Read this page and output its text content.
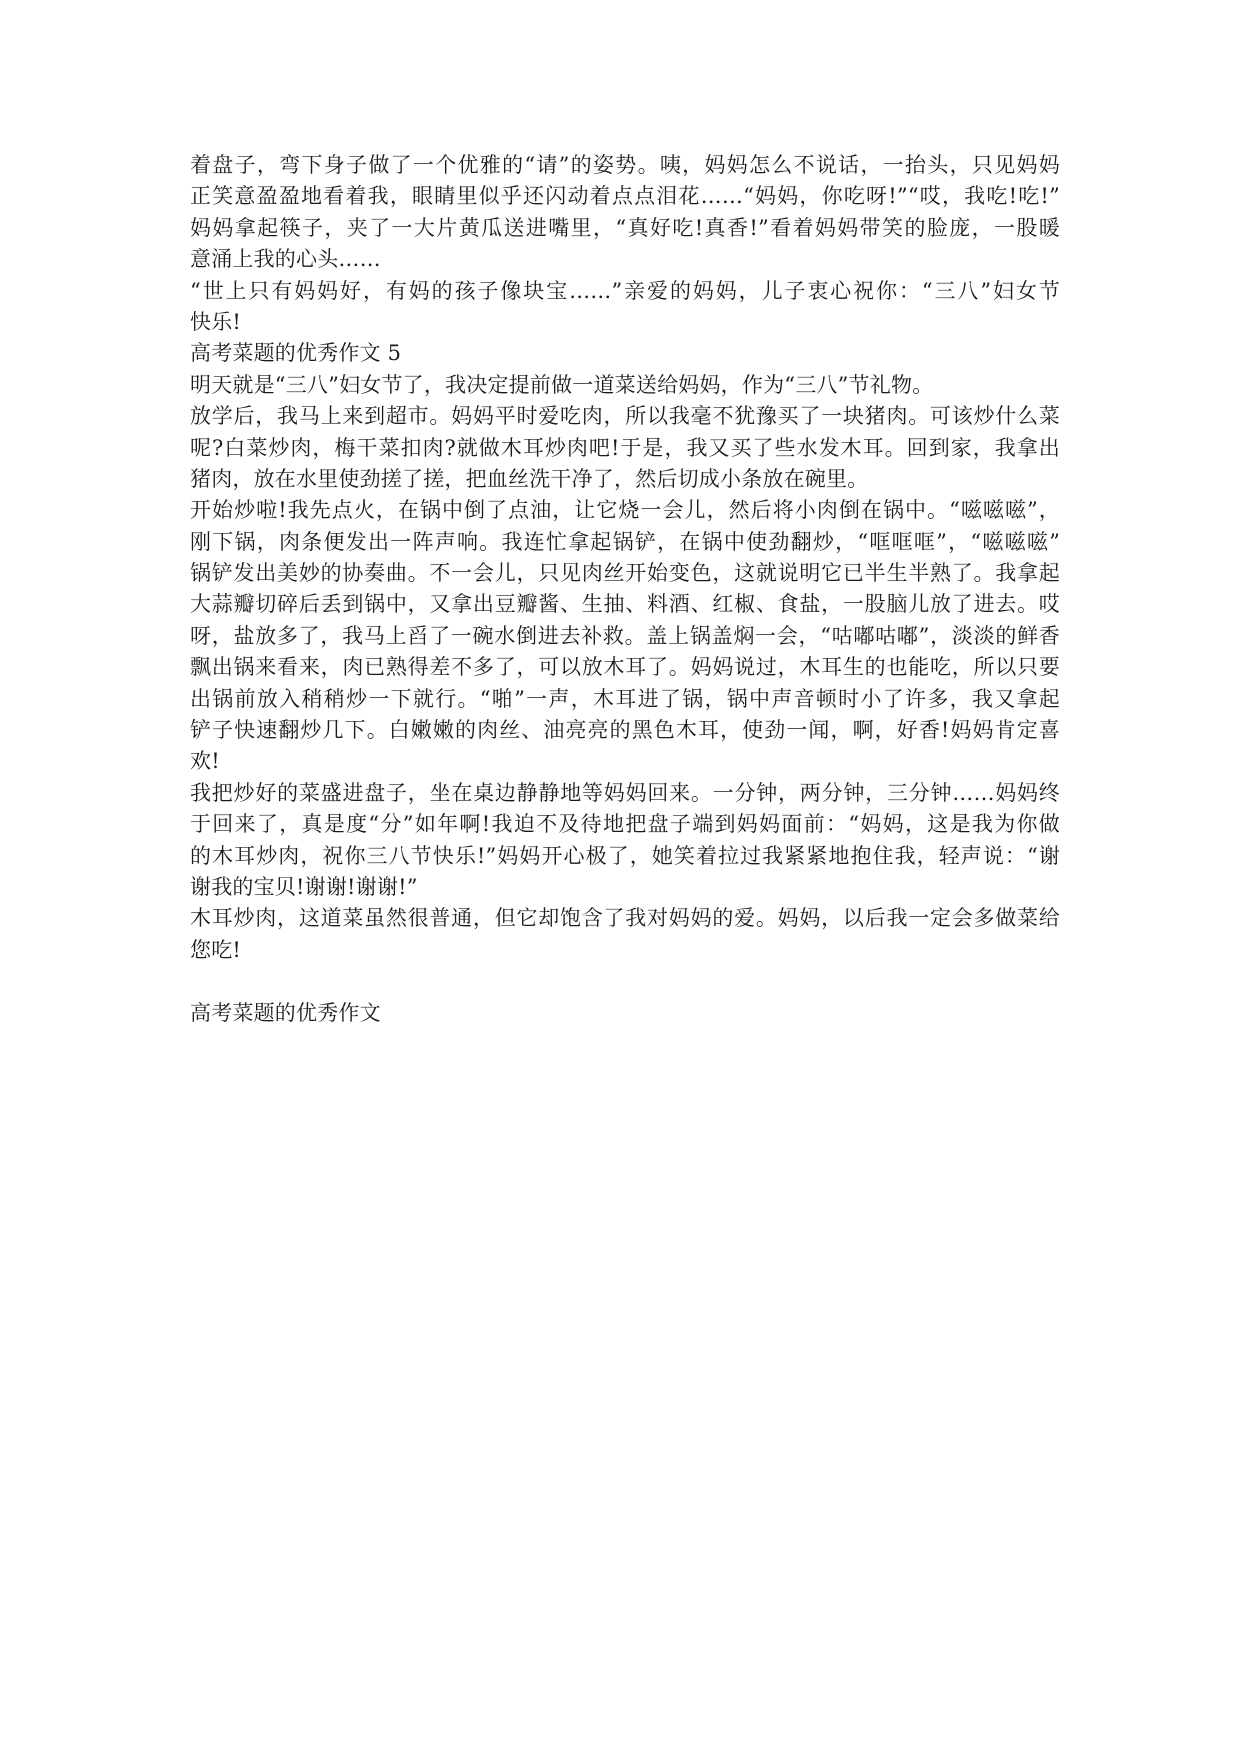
着盘子，弯下身子做了一个优雅的“请”的姿势。咦，妈妈怎么不说话，一抬头，只见妈妈
正笑意盈盈地看着我，眼睛里似乎还闪动着点点泪花……“妈妈，你吃呀!”“哎，我吃!吃!”
妈妈拿起筷子，夹了一大片黄瓜送进嘴里，“真好吃!真香!”看着妈妈带笑的脸庞，一股暖
意涌上我的心头……
“世上只有妈妈好，有妈的孩子像块宝……”亲爱的妈妈，儿子衷心祝你：“三八”妇女节
快乐!
高考菜题的优秀作文 5
明天就是“三八”妇女节了，我决定提前做一道菜送给妈妈，作为“三八”节礼物。
放学后，我马上来到超市。妈妈平时爱吃肉，所以我毫不犹豫买了一块猪肉。可该炒什么菜
呢?白菜炒肉，梅干菜扣肉?就做木耳炒肉吧!于是，我又买了些水发木耳。回到家，我拿出
猪肉，放在水里使劲搓了搓，把血丝洗干净了，然后切成小条放在碗里。
开始炒啦!我先点火，在锅中倒了点油，让它烧一会儿，然后将小肉倒在锅中。“嗞嗞嗞”，
刚下锅，肉条便发出一阵声响。我连忙拿起锅铲，在锅中使劲翻炒，“哐哐哐”，“嗞嗞嗞”
锅铲发出美妙的协奏曲。不一会儿，只见肉丝开始变色，这就说明它已半生半熟了。我拿起
大蒜瓣切碎后丢到锅中，又拿出豆瓣酱、生抽、料酒、红椒、食盐，一股脑儿放了进去。哎
呀，盐放多了，我马上舀了一碗水倒进去补救。盖上锅盖焖一会，“咕嘟咕嘟”，淡淡的鲜香
飘出锅来看来，肉已熟得差不多了，可以放木耳了。妈妈说过，木耳生的也能吃，所以只要
出锅前放入稍稍炒一下就行。“啪”一声，木耳进了锅，锅中声音顿时小了许多，我又拿起
铲子快速翻炒几下。白嫩嫩的肉丝、油亮亮的黑色木耳，使劲一闻，啊，好香!妈妈肯定喜
欢!
我把炒好的菜盛进盘子，坐在桌边静静地等妈妈回来。一分钟，两分钟，三分钟……妈妈终
于回来了，真是度“分”如年啊!我迫不及待地把盘子端到妈妈面前：“妈妈，这是我为你做
的木耳炒肉，祝你三八节快乐!”妈妈开心极了，她笑着拉过我紧紧地抱住我，轻声说：“谢
谢我的宝贝!谢谢!谢谢!”
木耳炒肉，这道菜虽然很普通，但它却饱含了我对妈妈的爱。妈妈，以后我一定会多做菜给
您吃!
高考菜题的优秀作文
